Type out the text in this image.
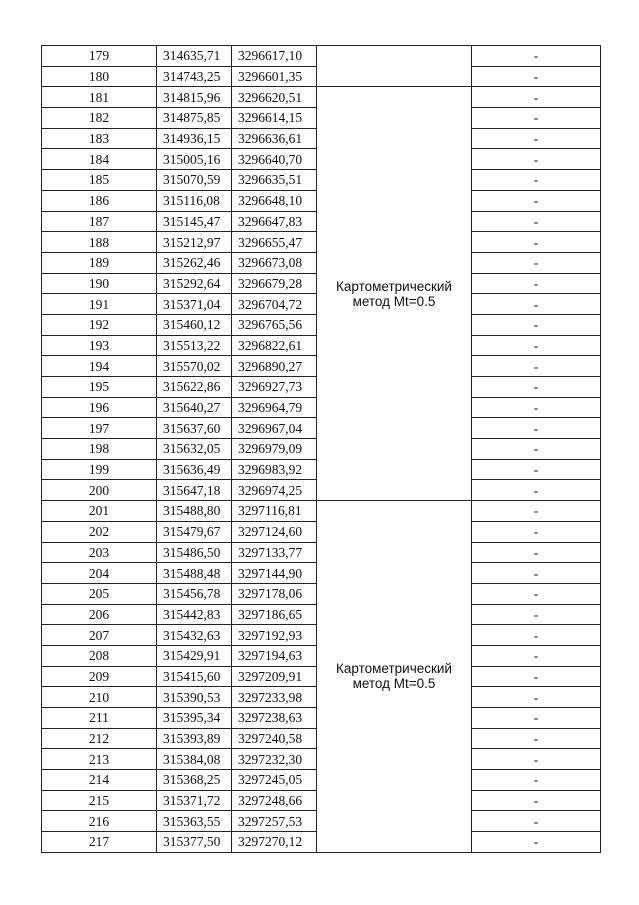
179	314635,71	3296617,10		-
180	314743,25	3296601,35		-
181	314815,96	3296620,51	Картометрический
метод Mt=0.5	-
182	314875,85	3296614,15		-
183	314936,15	3296636,61		-
184	315005,16	3296640,70		-
185	315070,59	3296635,51		-
186	315116,08	3296648,10		-
187	315145,47	3296647,83		-
188	315212,97	3296655,47		-
189	315262,46	3296673,08		-
190	315292,64	3296679,28		-
191	315371,04	3296704,72		-
192	315460,12	3296765,56		-
193	315513,22	3296822,61		-
194	315570,02	3296890,27		-
195	315622,86	3296927,73		-
196	315640,27	3296964,79		-
197	315637,60	3296967,04		-
198	315632,05	3296979,09		-
199	315636,49	3296983,92		-
200	315647,18	3296974,25		-
201	315488,80	3297116,81	Картометрический
метод Mt=0.5	-
202	315479,67	3297124,60		-
203	315486,50	3297133,77		-
204	315488,48	3297144,90		-
205	315456,78	3297178,06		-
206	315442,83	3297186,65		-
207	315432,63	3297192,93		-
208	315429,91	3297194,63		-
209	315415,60	3297209,91		-
210	315390,53	3297233,98		-
211	315395,34	3297238,63		-
212	315393,89	3297240,58		-
213	315384,08	3297232,30		-
214	315368,25	3297245,05		-
215	315371,72	3297248,66		-
216	315363,55	3297257,53		-
217	315377,50	3297270,12		-
